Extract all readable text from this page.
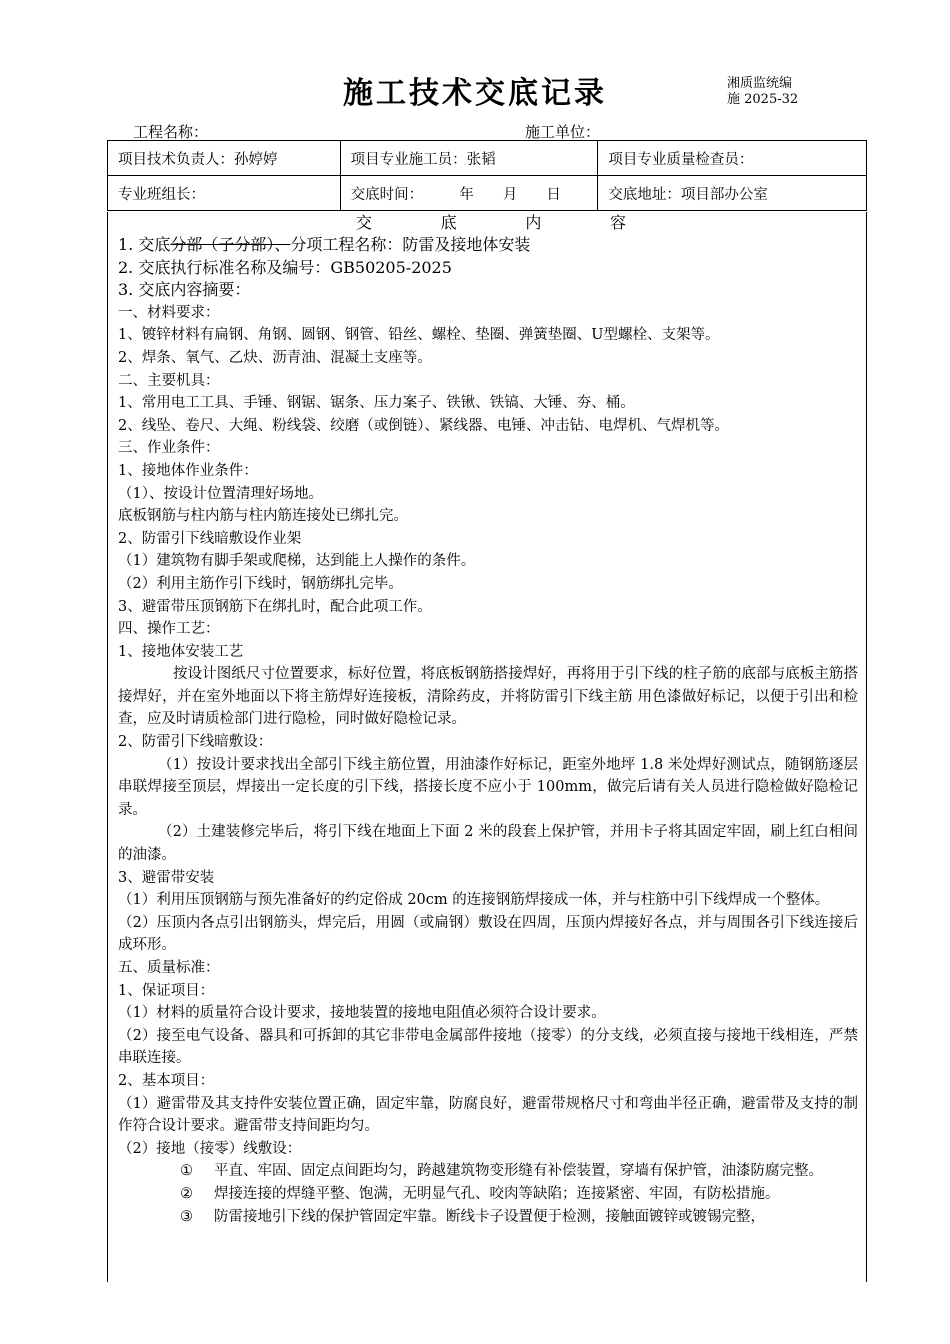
施工技术交底记录	湘质监统编
施 2025-32
工程名称：	施工单位：
项目技术负责人：孙婷婷	项目专业施工员：张韬	项目专业质量检查员：
专业班组长：	交底时间：　　　年　　月　　日	交底地址：项目部办公室
交	底	内	容
1. 交底分部（子分部）、分项工程名称：防雷及接地体安装
2. 交底执行标准名称及编号：GB50205-2025
3. 交底内容摘要：
一、材料要求：
1、镀锌材料有扁钢、角钢、圆钢、钢管、铅丝、螺栓、垫圈、弹簧垫圈、U型螺栓、支架等。
2、焊条、氧气、乙炔、沥青油、混凝土支座等。
二、主要机具：
1、常用电工工具、手锤、钢锯、锯条、压力案子、铁锹、铁镐、大锤、夯、桶。
2、线坠、卷尺、大绳、粉线袋、绞磨（或倒链）、紧线器、电锤、冲击钻、电焊机、气焊机等。
三、作业条件：
1、接地体作业条件：
（1）、按设计位置清理好场地。
底板钢筋与柱内筋与柱内筋连接处已绑扎完。
2、防雷引下线暗敷设作业架
（1）建筑物有脚手架或爬梯，达到能上人操作的条件。
（2）利用主筋作引下线时，钢筋绑扎完毕。
3、避雷带压顶钢筋下在绑扎时，配合此项工作。
四、操作工艺：
1、接地体安装工艺
按设计图纸尺寸位置要求，标好位置，将底板钢筋搭接焊好，再将用于引下线的柱子筋的底部与底板主筋搭接焊好，并在室外地面以下将主筋焊好连接板，清除药皮，并将防雷引下线主筋 用色漆做好标记，以便于引出和检查，应及时请质检部门进行隐检，同时做好隐检记录。
2、防雷引下线暗敷设：
（1）按设计要求找出全部引下线主筋位置，用油漆作好标记，距室外地坪 1.8 米处焊好测试点，随钢筋逐层串联焊接至顶层，焊接出一定长度的引下线，搭接长度不应小于 100mm，做完后请有关人员进行隐检做好隐检记录。
（2）土建装修完毕后，将引下线在地面上下面 2 米的段套上保护管，并用卡子将其固定牢固，刷上红白相间的油漆。
3、避雷带安装
（1）利用压顶钢筋与预先准备好的约定俗成 20cm 的连接钢筋焊接成一体，并与柱筋中引下线焊成一个整体。
（2）压顶内各点引出钢筋头，焊完后，用圆（或扁钢）敷设在四周，压顶内焊接好各点，并与周围各引下线连接后成环形。
五、质量标准：
1、保证项目：
（1）材料的质量符合设计要求，接地装置的接地电阻值必须符合设计要求。
（2）接至电气设备、器具和可拆卸的其它非带电金属部件接地（接零）的分支线，必须直接与接地干线相连，严禁串联连接。
2、基本项目：
（1）避雷带及其支持件安装位置正确，固定牢靠，防腐良好，避雷带规格尺寸和弯曲半径正确，避雷带及支持的制作符合设计要求。避雷带支持间距均匀。
（2）接地（接零）线敷设：
①	平直、牢固、固定点间距均匀，跨越建筑物变形缝有补偿装置，穿墙有保护管，油漆防腐完整。
②	焊接连接的焊缝平整、饱满，无明显气孔、咬肉等缺陷；连接紧密、牢固，有防松措施。
③	防雷接地引下线的保护管固定牢靠。断线卡子设置便于检测，接触面镀锌或镀锡完整，
